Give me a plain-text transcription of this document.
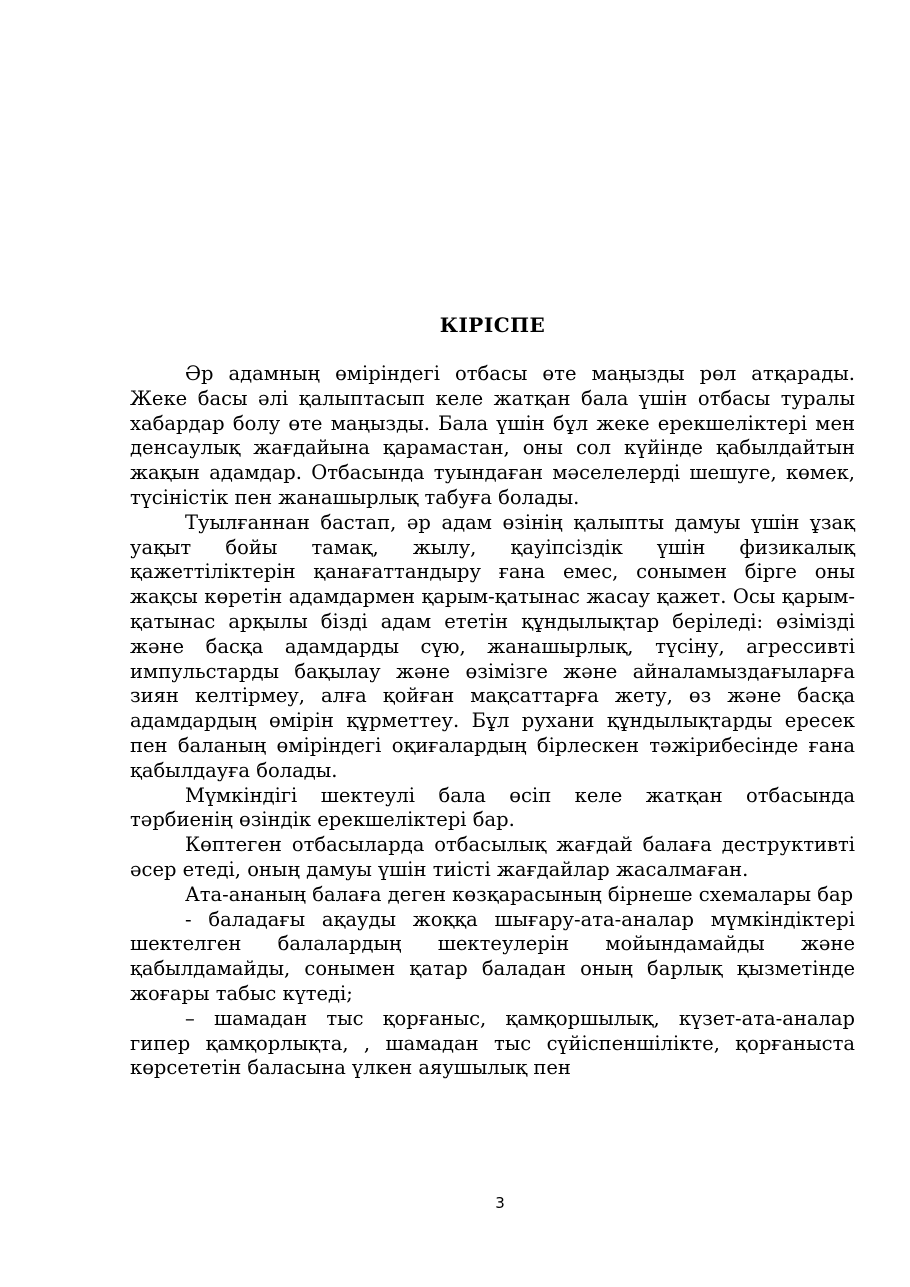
КІРІСПЕ

Әр адамның өміріндегі отбасы өте маңызды рөл атқарады. Жеке басы әлі қалыптасып келе жатқан бала үшін отбасы туралы хабардар болу өте маңызды. Бала үшін бұл жеке ерекшеліктері мен денсаулық жағдайына қарамастан, оны сол күйінде қабылдайтын жақын адамдар. Отбасында туындаған мәселелерді шешуге, көмек, түсіністік пен жанашырлық табуға болады.

Туылғаннан бастап, әр адам өзінің қалыпты дамуы үшін ұзақ уақыт бойы тамақ, жылу, қауіпсіздік үшін физикалық қажеттіліктерін қанағаттандыру ғана емес, сонымен бірге оны жақсы көретін адамдармен қарым-қатынас жасау қажет. Осы қарым-қатынас арқылы бізді адам ететін құндылықтар беріледі: өзімізді және басқа адамдарды сүю, жанашырлық, түсіну, агрессивті импульстарды бақылау және өзімізге және айналамыздағыларға зиян келтірмеу, алға қойған мақсаттарға жету, өз және басқа адамдардың өмірін құрметтеу. Бұл рухани құндылықтарды ересек пен баланың өміріндегі оқиғалардың бірлескен тәжірибесінде ғана қабылдауға болады.

Мүмкіндігі шектеулі бала өсіп келе жатқан отбасында тәрбиенің өзіндік ерекшеліктері бар.

Көптеген отбасыларда отбасылық жағдай балаға деструктивті әсер етеді, оның дамуы үшін тиісті жағдайлар жасалмаған.

Ата-ананың балаға деген көзқарасының бірнеше схемалары бар

- баладағы ақауды жоққа шығару-ата-аналар мүмкіндіктері шектелген балалардың шектеулерін мойындамайды және қабылдамайды, сонымен қатар баладан оның барлық қызметінде жоғары табыс күтеді;

– шамадан тыс қорғаныс, қамқоршылық, күзет-ата-аналар гипер қамқорлықта, , шамадан тыс сүйіспеншілікте, қорғаныста көрсететін баласына үлкен аяушылық пен

3
